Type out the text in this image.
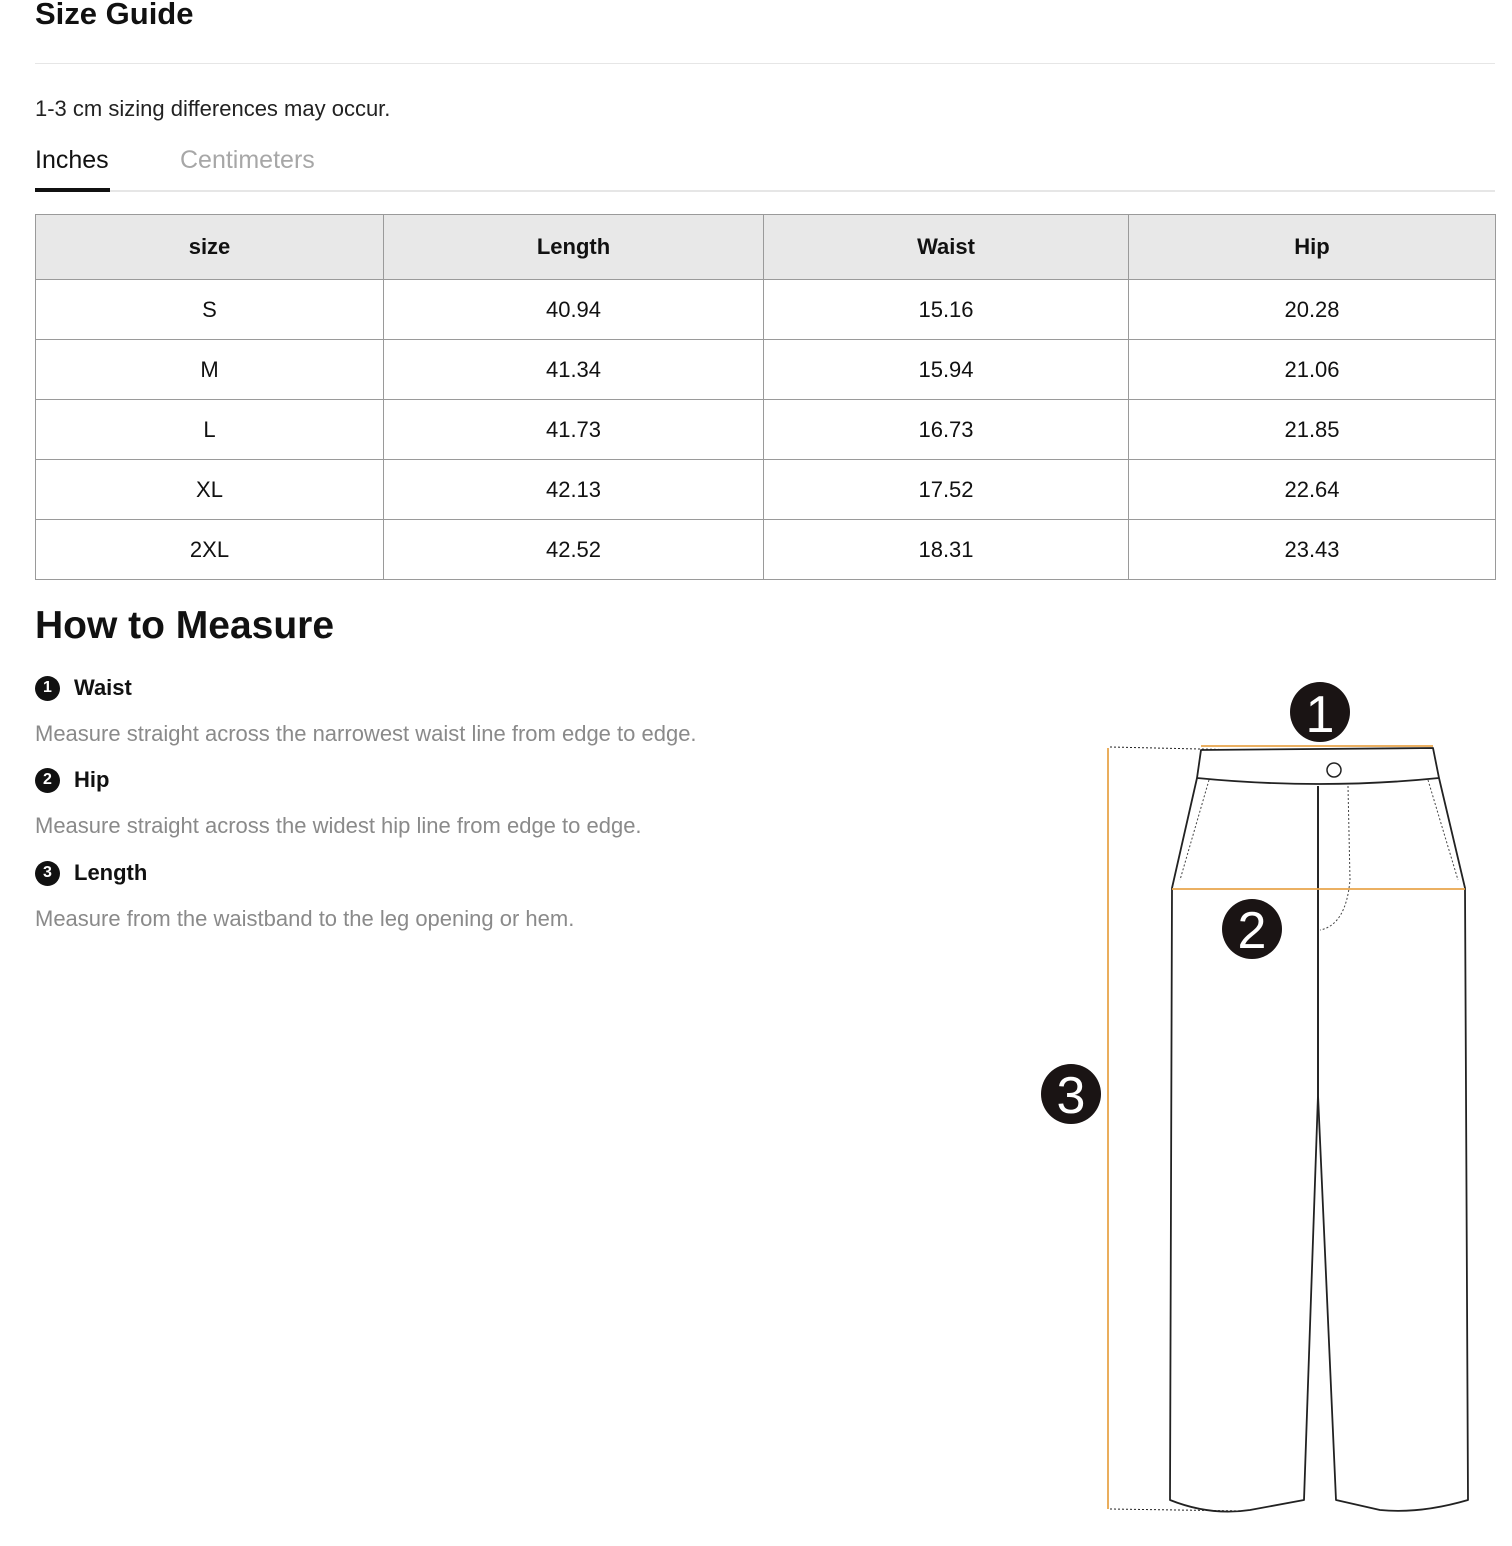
Size Guide
1-3 cm sizing differences may occur.
Inches	Centimeters
size	Length	Waist	Hip
S	40.94	15.16	20.28
M	41.34	15.94	21.06
L	41.73	16.73	21.85
XL	42.13	17.52	22.64
2XL	42.52	18.31	23.43
How to Measure
1	Waist
Measure straight across the narrowest waist line from edge to edge.
2	Hip
Measure straight across the widest hip line from edge to edge.
3	Length
Measure from the waistband to the leg opening or hem.
1
2
3
